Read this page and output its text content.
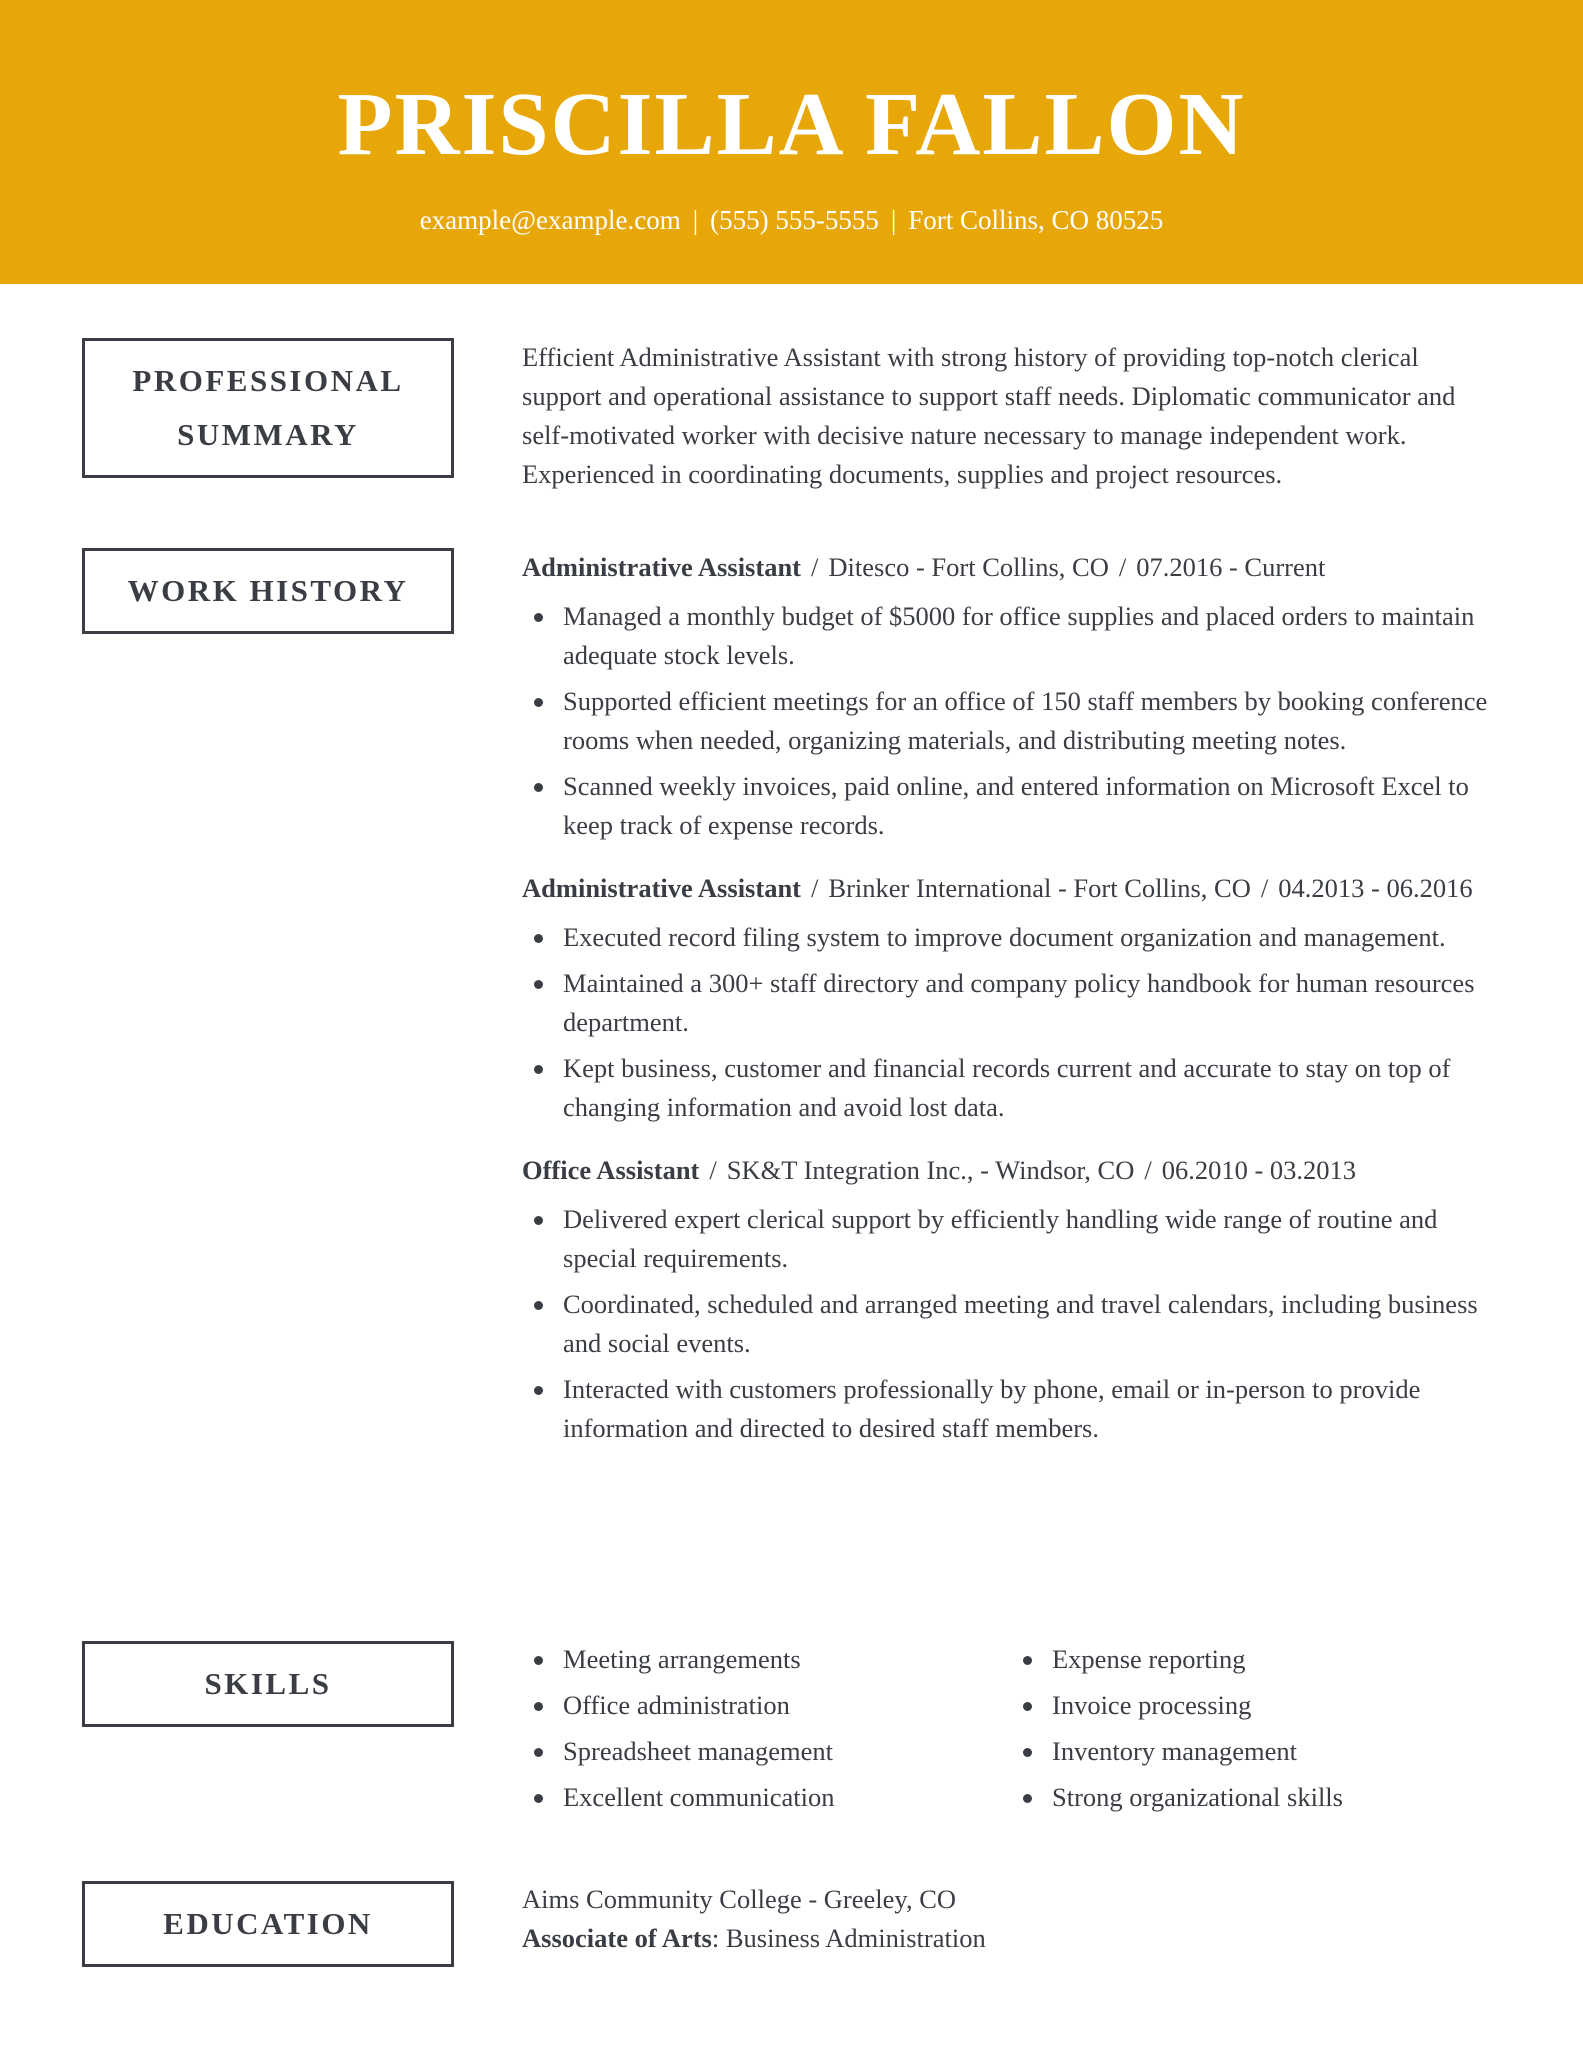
PRISCILLA FALLON
example@example.com | (555) 555-5555 | Fort Collins, CO 80525
PROFESSIONAL
SUMMARY
Efficient Administrative Assistant with strong history of providing top-notch clerical support and operational assistance to support staff needs. Diplomatic communicator and self-motivated worker with decisive nature necessary to manage independent work. Experienced in coordinating documents, supplies and project resources.
WORK HISTORY

Administrative Assistant / Ditesco - Fort Collins, CO / 07.2016 - Current

Managed a monthly budget of $5000 for office supplies and placed orders to maintain adequate stock levels.
Supported efficient meetings for an office of 150 staff members by booking conference rooms when needed, organizing materials, and distributing meeting notes.
Scanned weekly invoices, paid online, and entered information on Microsoft Excel to keep track of expense records.

Administrative Assistant / Brinker International - Fort Collins, CO / 04.2013 - 06.2016

Executed record filing system to improve document organization and management.
Maintained a 300+ staff directory and company policy handbook for human resources department.
Kept business, customer and financial records current and accurate to stay on top of changing information and avoid lost data.

Office Assistant / SK&T Integration Inc., - Windsor, CO / 06.2010 - 03.2013

Delivered expert clerical support by efficiently handling wide range of routine and special requirements.
Coordinated, scheduled and arranged meeting and travel calendars, including business and social events.
Interacted with customers professionally by phone, email or in-person to provide information and directed to desired staff members.
SKILLS
Meeting arrangements	Expense reporting
Office administration	Invoice processing
Spreadsheet management	Inventory management
Excellent communication	Strong organizational skills
EDUCATION
Aims Community College - Greeley, CO
Associate of Arts: Business Administration
